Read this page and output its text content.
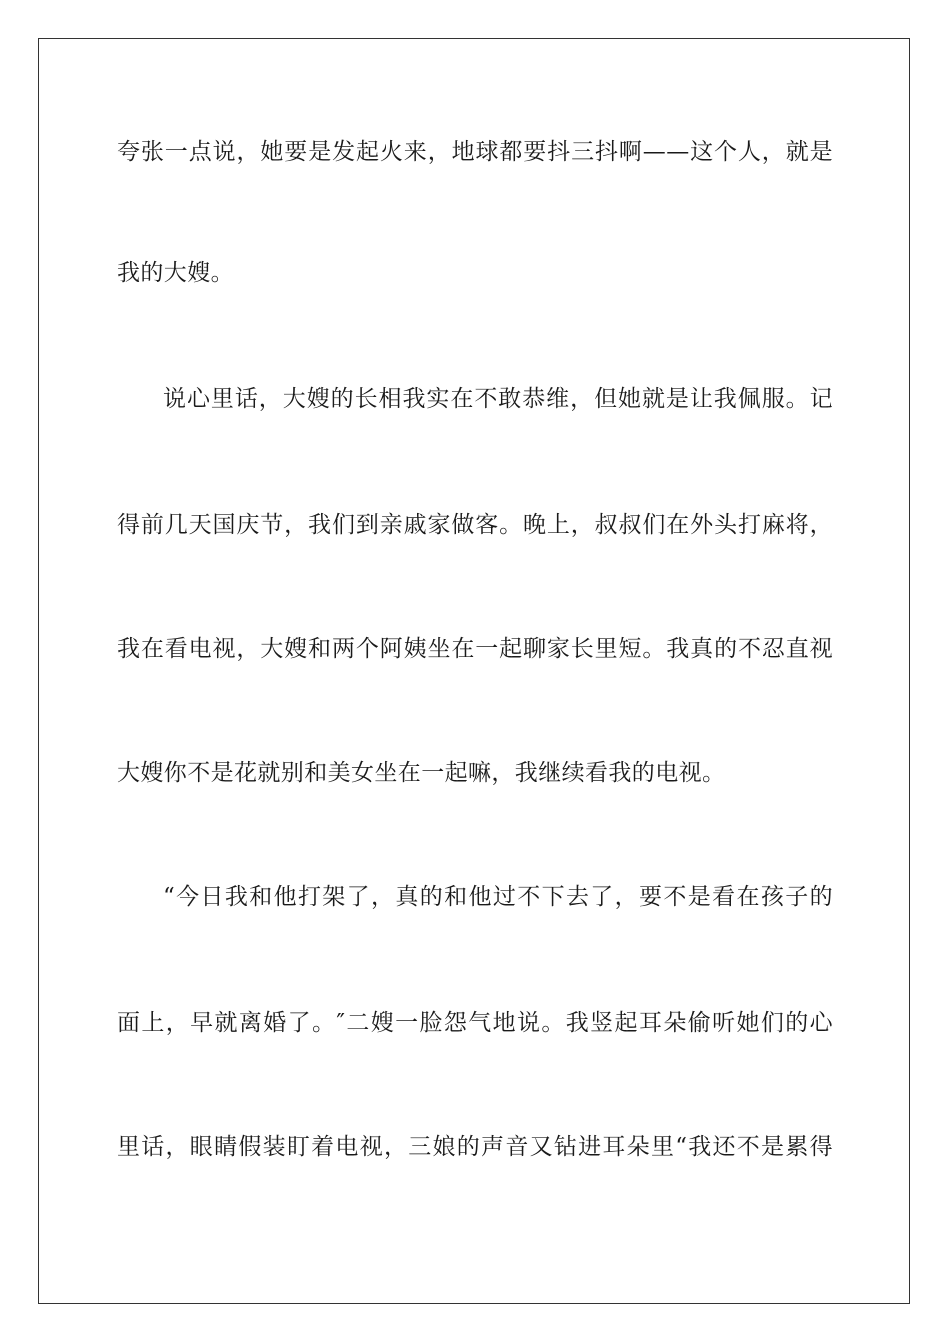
夸张一点说，她要是发起火来，地球都要抖三抖啊——这个人，就是

我的大嫂。

说心里话，大嫂的长相我实在不敢恭维，但她就是让我佩服。记

得前几天国庆节，我们到亲戚家做客。晚上，叔叔们在外头打麻将，

我在看电视，大嫂和两个阿姨坐在一起聊家长里短。我真的不忍直视

大嫂你不是花就别和美女坐在一起嘛，我继续看我的电视。

“今日我和他打架了，真的和他过不下去了，要不是看在孩子的

面上，早就离婚了。″二嫂一脸怨气地说。我竖起耳朵偷听她们的心

里话，眼睛假装盯着电视，三娘的声音又钻进耳朵里“我还不是累得
